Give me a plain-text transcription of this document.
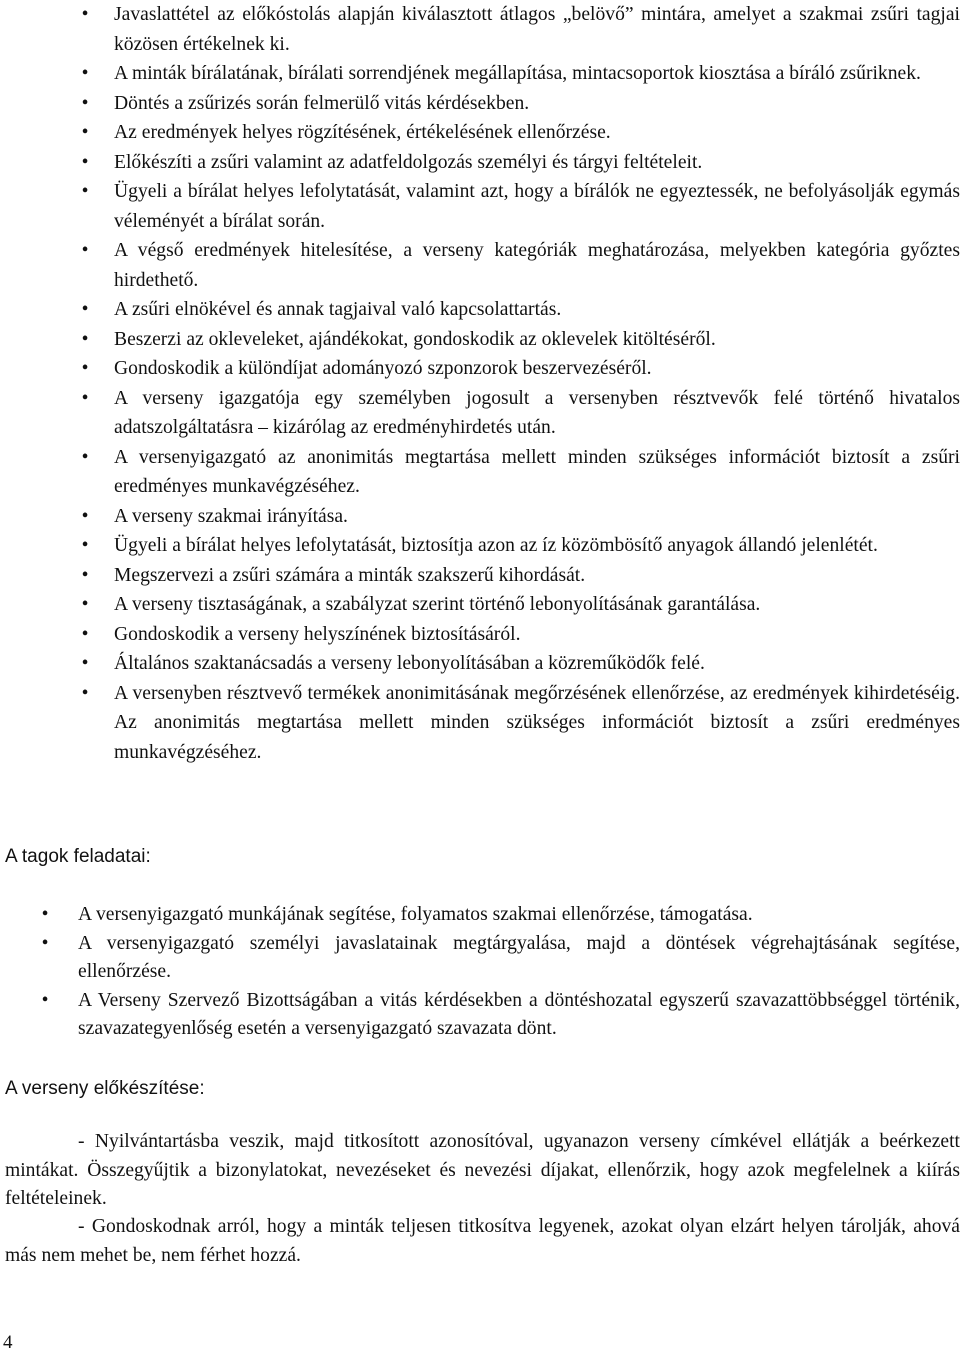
• Javaslattétel az előkóstolás alapján kiválasztott átlagos „belövő” mintára, amelyet a szakmai zsűri tagjai közösen értékelnek ki.
• A minták bírálatának, bírálati sorrendjének megállapítása, mintacsoportok kiosztása a bíráló zsűriknek.
• Döntés a zsűrizés során felmerülő vitás kérdésekben.
• Az eredmények helyes rögzítésének, értékelésének ellenőrzése.
• Előkészíti a zsűri valamint az adatfeldolgozás személyi és tárgyi feltételeit.
• Ügyeli a bírálat helyes lefolytatását, valamint azt, hogy a bírálók ne egyeztessék, ne befolyásolják egymás véleményét a bírálat során.
• A végső eredmények hitelesítése, a verseny kategóriák meghatározása, melyekben kategória győztes hirdethető.
• A zsűri elnökével és annak tagjaival való kapcsolattartás.
• Beszerzi az okleveleket, ajándékokat, gondoskodik az oklevelek kitöltéséről.
• Gondoskodik a különdíjat adományozó szponzorok beszervezéséről.
• A verseny igazgatója egy személyben jogosult a versenyben résztvevők felé történő hivatalos adatszolgáltatásra – kizárólag az eredményhirdetés után.
• A versenyigazgató az anonimitás megtartása mellett minden szükséges információt biztosít a zsűri eredményes munkavégzéséhez.
• A verseny szakmai irányítása.
• Ügyeli a bírálat helyes lefolytatását, biztosítja azon az íz közömbösítő anyagok állandó jelenlétét.
• Megszervezi a zsűri számára a minták szakszerű kihordását.
• A verseny tisztaságának, a szabályzat szerint történő lebonyolításának garantálása.
• Gondoskodik a verseny helyszínének biztosításáról.
• Általános szaktanácsadás a verseny lebonyolításában a közreműködők felé.
• A versenyben résztvevő termékek anonimitásának megőrzésének ellenőrzése, az eredmények kihirdetéséig. Az anonimitás megtartása mellett minden szükséges információt biztosít a zsűri eredményes munkavégzéséhez.
A tagok feladatai:
• A versenyigazgató munkájának segítése, folyamatos szakmai ellenőrzése, támogatása.
• A versenyigazgató személyi javaslatainak megtárgyalása, majd a döntések végrehajtásának segítése, ellenőrzése.
• A Verseny Szervező Bizottságában a vitás kérdésekben a döntéshozatal egyszerű szavazattöbbséggel történik, szavazategyenlőség esetén a versenyigazgató szavazata dönt.
A verseny előkészítése:

- Nyilvántartásba veszik, majd titkosított azonosítóval, ugyanazon verseny címkével ellátják a beérkezett mintákat. Összegyűjtik a bizonylatokat, nevezéseket és nevezési díjakat, ellenőrzik, hogy azok megfelelnek a kiírás feltételeinek.

- Gondoskodnak arról, hogy a minták teljesen titkosítva legyenek, azokat olyan elzárt helyen tárolják, ahová más nem mehet be, nem férhet hozzá.

4
